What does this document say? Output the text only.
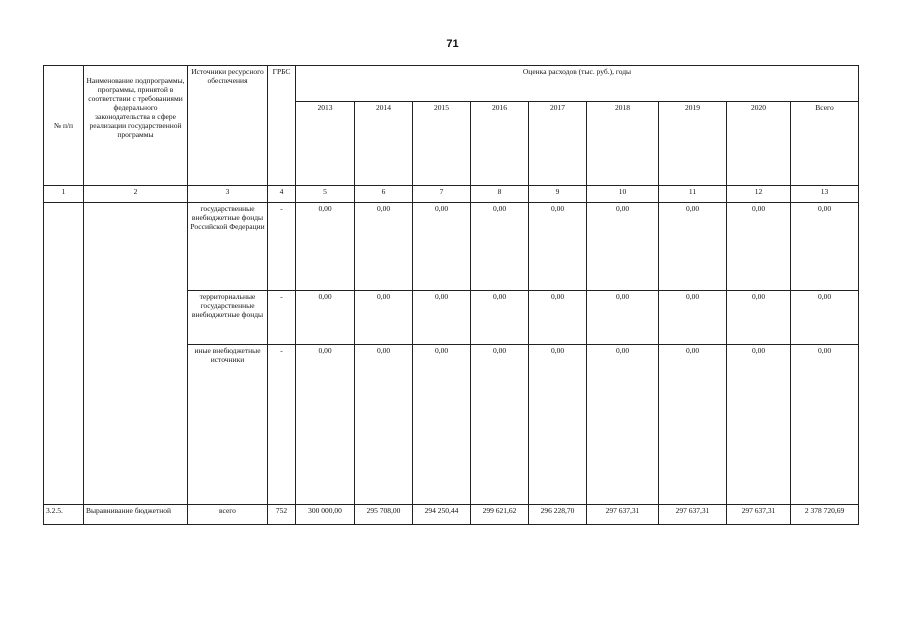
71
№ п/п	Наименование подпрограммы, программы, принятой в соответствии с требованиями федерального законодательства в сфере реализации государственной программы	Источники ресурсного обеспечения	ГРБС	Оценка расходов (тыс. руб.), годы								
				2013	2014	2015	2016	2017	2018	2019	2020	Всего
1	2	3	4	5	6	7	8	9	10	11	12	13
		государственные внебюджетные фонды Российской Федерации	-	0,00	0,00	0,00	0,00	0,00	0,00	0,00	0,00	0,00
		территориальные государственные внебюджетные фонды	-	0,00	0,00	0,00	0,00	0,00	0,00	0,00	0,00	0,00
		иные внебюджетные источники	-	0,00	0,00	0,00	0,00	0,00	0,00	0,00	0,00	0,00
3.2.5.	Выравнивание бюджетной	всего	752	300 000,00	295 708,00	294 250,44	299 621,62	296 228,70	297 637,31	297 637,31	297 637,31	2 378 720,69
